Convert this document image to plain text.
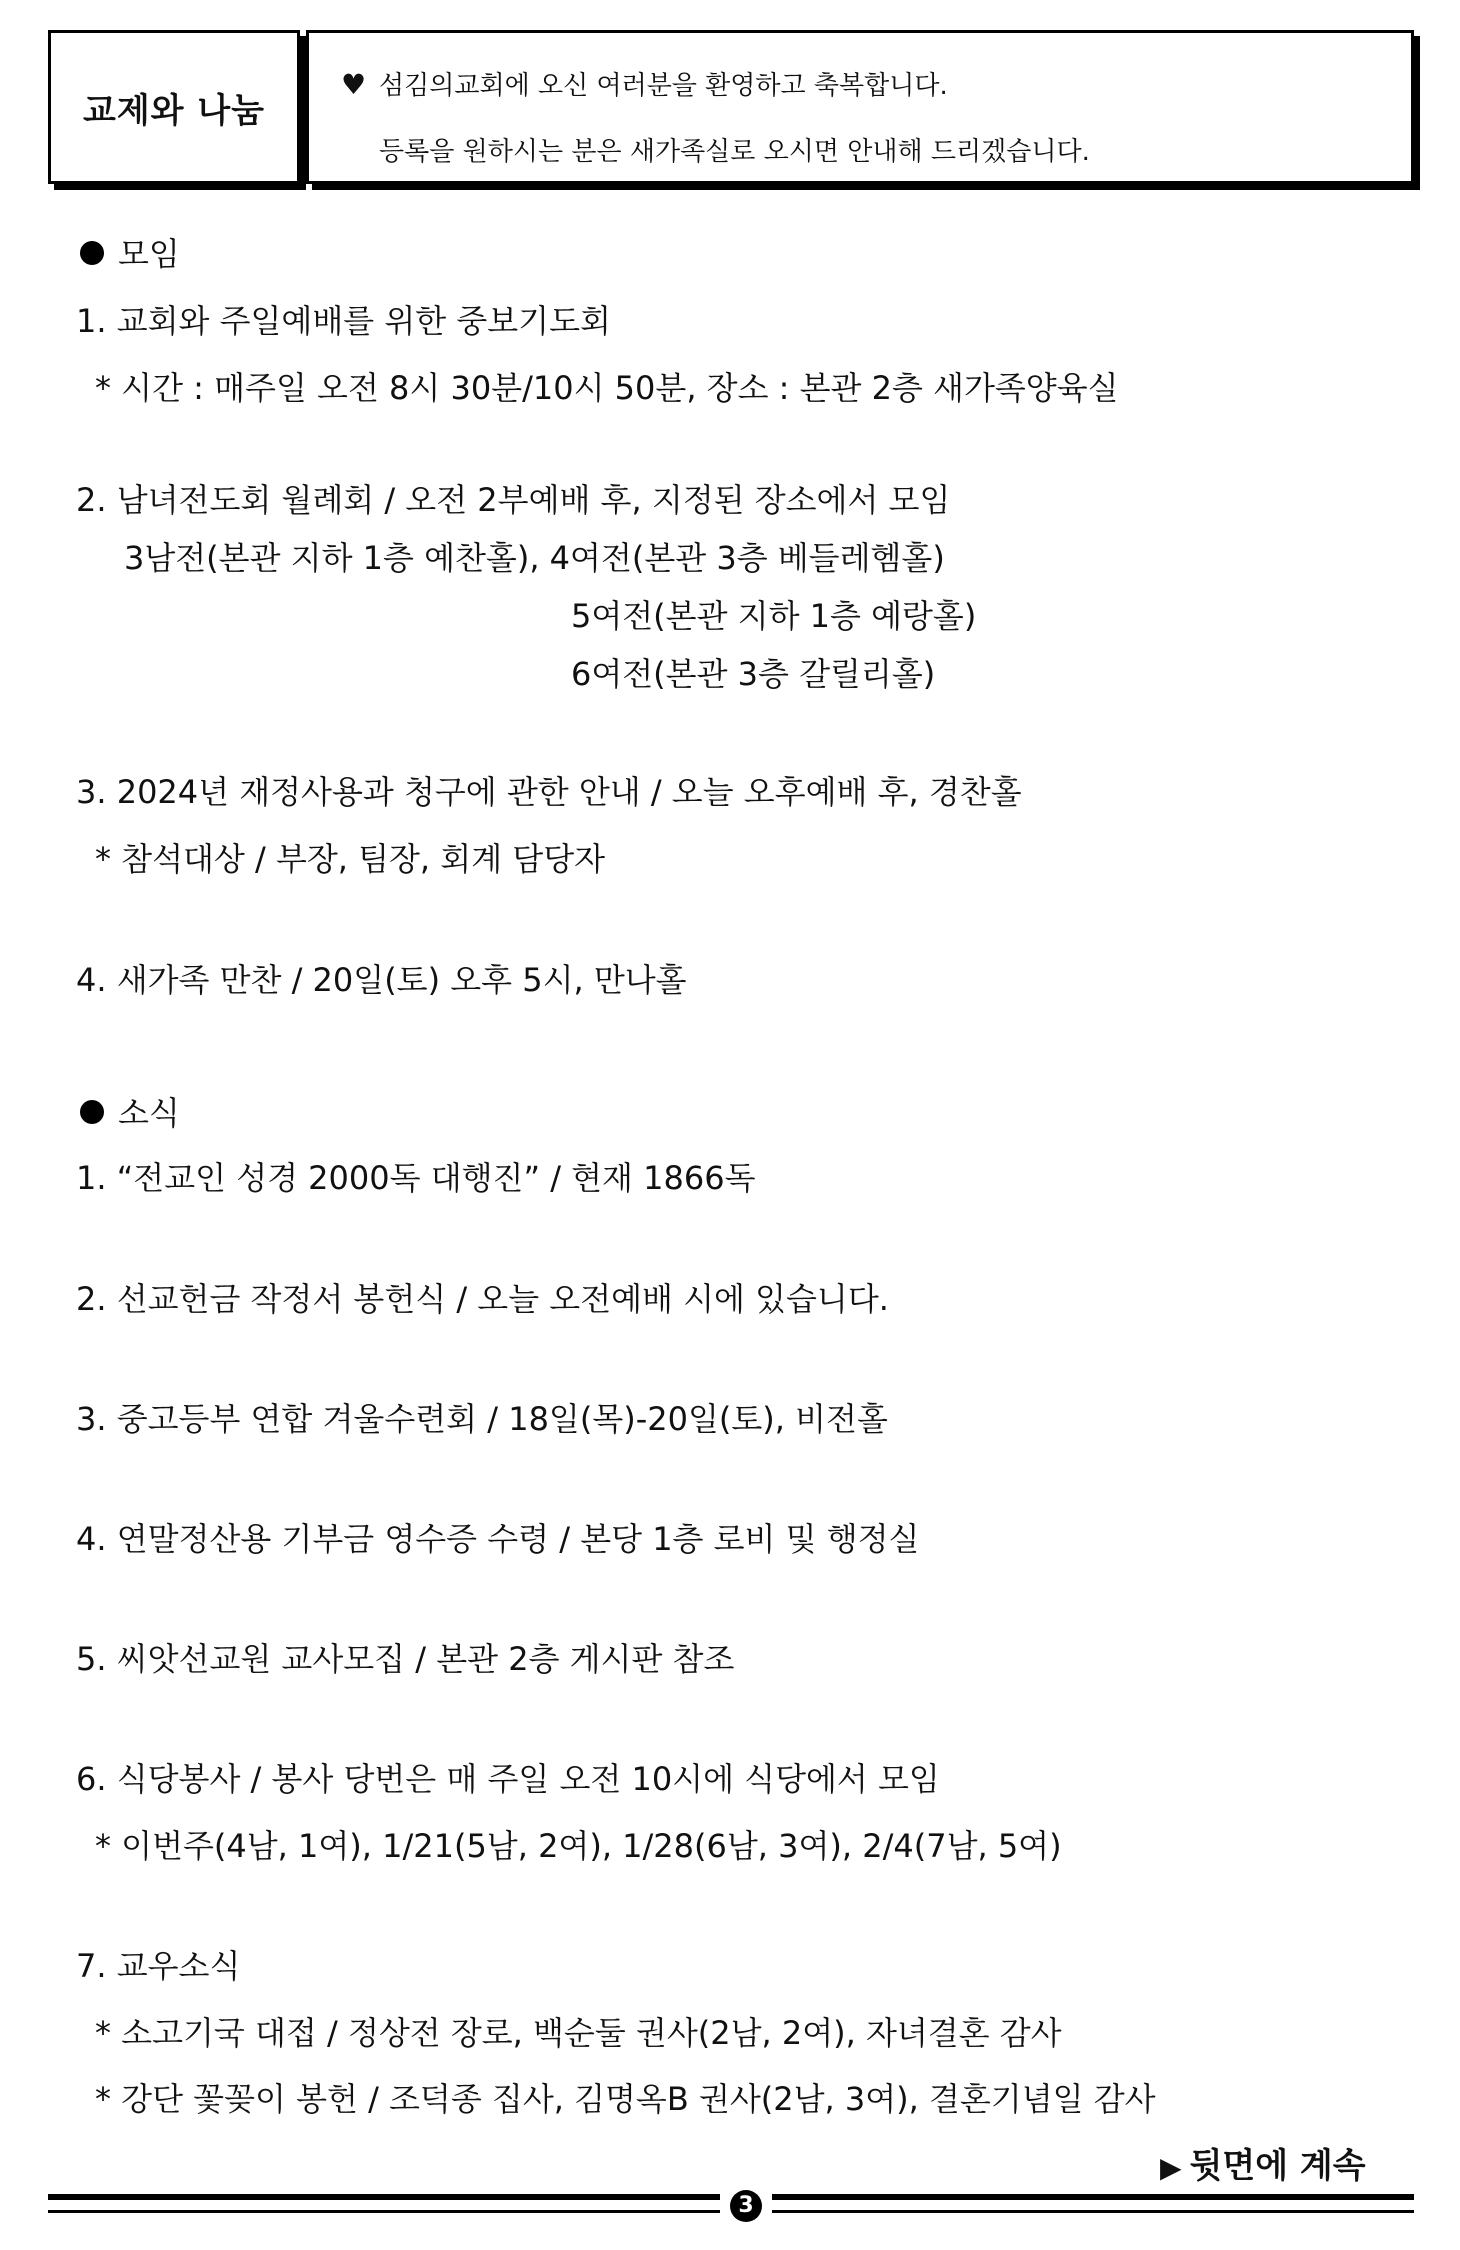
교제와 나눔
♥ 섬김의교회에 오신 여러분을 환영하고 축복합니다.
등록을 원하시는 분은 새가족실로 오시면 안내해 드리겠습니다.
모임
1. 교회와 주일예배를 위한 중보기도회
* 시간 : 매주일 오전 8시 30분/10시 50분, 장소 : 본관 2층 새가족양육실
2. 남녀전도회 월례회 / 오전 2부예배 후, 지정된 장소에서 모임
3남전(본관 지하 1층 예찬홀), 4여전(본관 3층 베들레헴홀)
5여전(본관 지하 1층 예랑홀)
6여전(본관 3층 갈릴리홀)
3. 2024년 재정사용과 청구에 관한 안내 / 오늘 오후예배 후, 경찬홀
* 참석대상 / 부장, 팀장, 회계 담당자
4. 새가족 만찬 / 20일(토) 오후 5시, 만나홀
소식
1. “전교인 성경 2000독 대행진” / 현재 1866독
2. 선교헌금 작정서 봉헌식 / 오늘 오전예배 시에 있습니다.
3. 중고등부 연합 겨울수련회 / 18일(목)-20일(토), 비전홀
4. 연말정산용 기부금 영수증 수령 / 본당 1층 로비 및 행정실
5. 씨앗선교원 교사모집 / 본관 2층 게시판 참조
6. 식당봉사 / 봉사 당번은 매 주일 오전 10시에 식당에서 모임
* 이번주(4남, 1여), 1/21(5남, 2여), 1/28(6남, 3여), 2/4(7남, 5여)
7. 교우소식
* 소고기국 대접 / 정상전 장로, 백순둘 권사(2남, 2여), 자녀결혼 감사
* 강단 꽃꽂이 봉헌 / 조덕종 집사, 김명옥B 권사(2남, 3여), 결혼기념일 감사
▶ 뒷면에 계속
3
